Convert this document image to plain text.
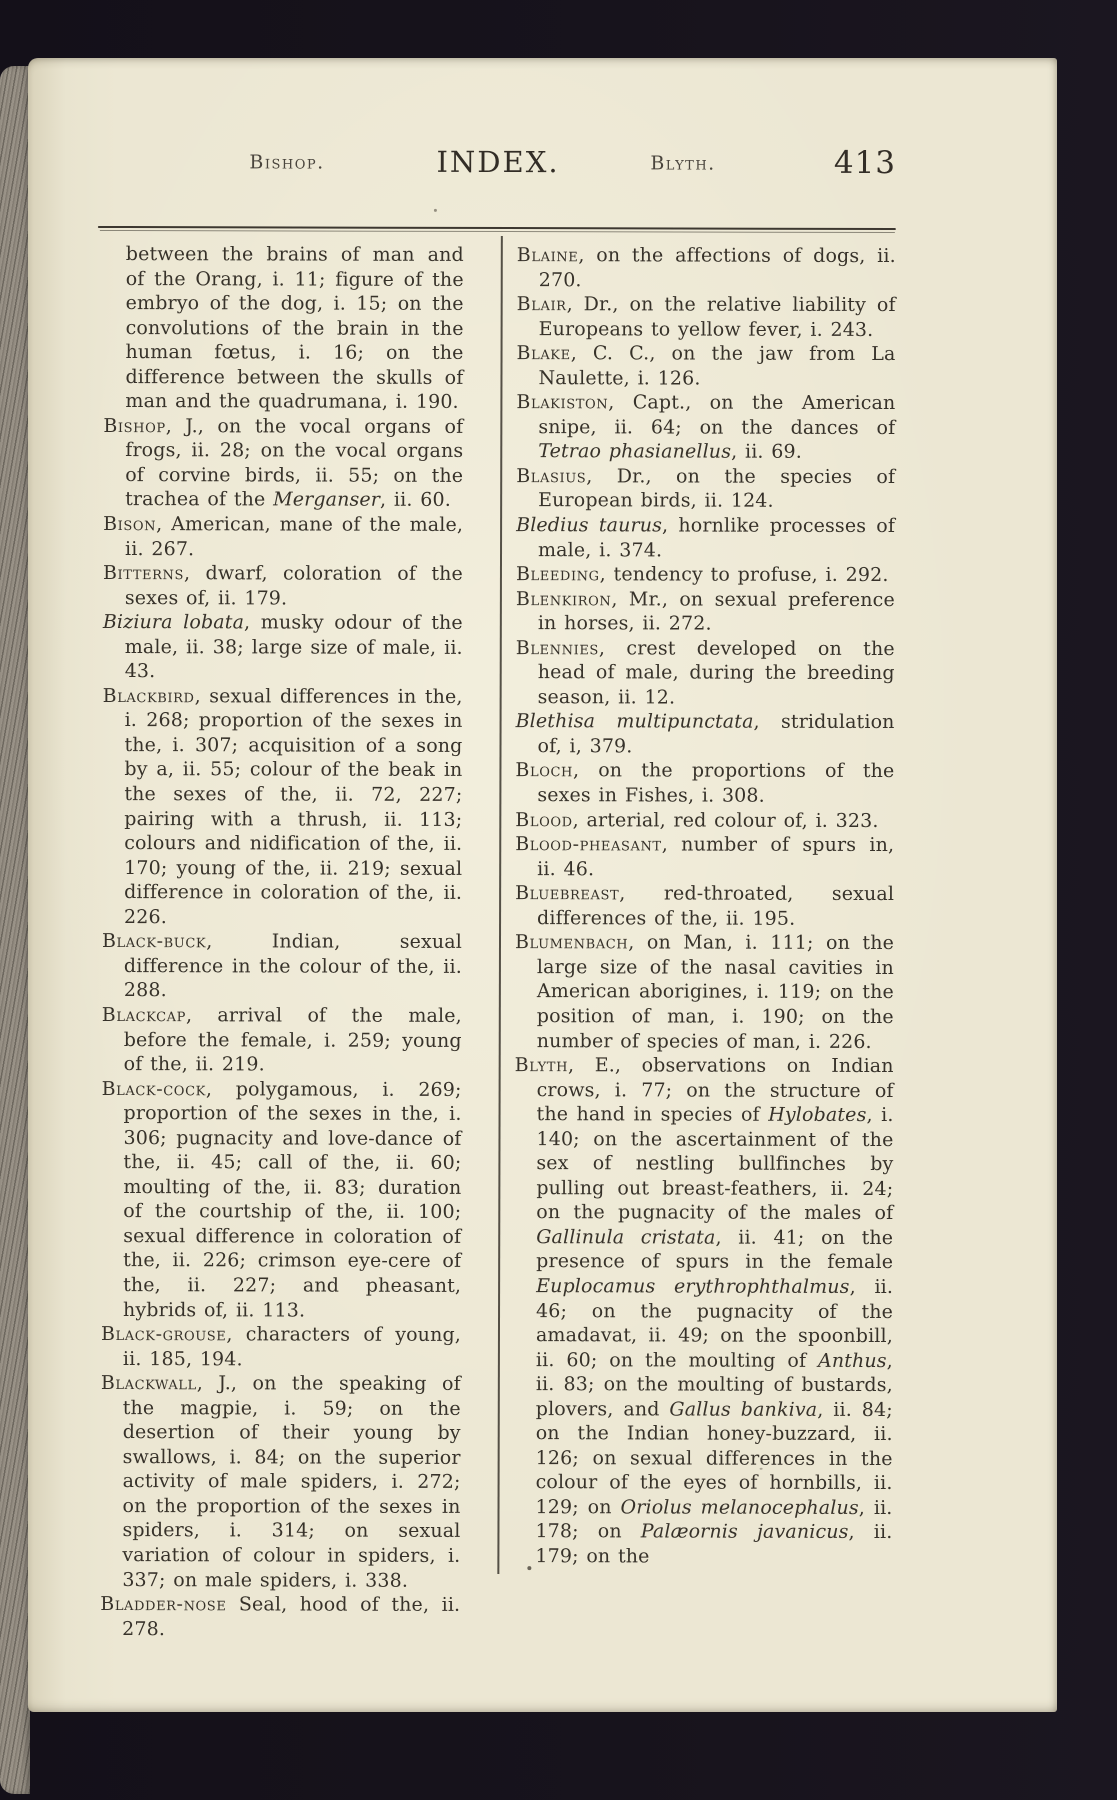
Bishop.	INDEX.	Blyth.	413

between the brains of man and of the Orang, i. 11; figure of the embryo of the dog, i. 15; on the convolutions of the brain in the human fœtus, i. 16; on the difference between the skulls of man and the quadrumana, i. 190.

Bishop, J., on the vocal organs of frogs, ii. 28; on the vocal organs of corvine birds, ii. 55; on the trachea of the Merganser, ii. 60.

Bison, American, mane of the male, ii. 267.

Bitterns, dwarf, coloration of the sexes of, ii. 179.

Biziura lobata, musky odour of the male, ii. 38; large size of male, ii. 43.

Blackbird, sexual differences in the, i. 268; proportion of the sexes in the, i. 307; acquisition of a song by a, ii. 55; colour of the beak in the sexes of the, ii. 72, 227; pairing with a thrush, ii. 113; colours and nidification of the, ii. 170; young of the, ii. 219; sexual difference in coloration of the, ii. 226.

Black-buck, Indian, sexual difference in the colour of the, ii. 288.

Blackcap, arrival of the male, before the female, i. 259; young of the, ii. 219.

Black-cock, polygamous, i. 269; proportion of the sexes in the, i. 306; pugnacity and love-dance of the, ii. 45; call of the, ii. 60; moulting of the, ii. 83; duration of the courtship of the, ii. 100; sexual difference in coloration of the, ii. 226; crimson eye-cere of the, ii. 227; and pheasant, hybrids of, ii. 113.

Black-grouse, characters of young, ii. 185, 194.

Blackwall, J., on the speaking of the magpie, i. 59; on the desertion of their young by swallows, i. 84; on the superior activity of male spiders, i. 272; on the proportion of the sexes in spiders, i. 314; on sexual variation of colour in spiders, i. 337; on male spiders, i. 338.

Bladder-nose Seal, hood of the, ii. 278.

Blaine, on the affections of dogs, ii. 270.

Blair, Dr., on the relative liability of Europeans to yellow fever, i. 243.

Blake, C. C., on the jaw from La Naulette, i. 126.

Blakiston, Capt., on the American snipe, ii. 64; on the dances of Tetrao phasianellus, ii. 69.

Blasius, Dr., on the species of European birds, ii. 124.

Bledius taurus, hornlike processes of male, i. 374.

Bleeding, tendency to profuse, i. 292.

Blenkiron, Mr., on sexual preference in horses, ii. 272.

Blennies, crest developed on the head of male, during the breeding season, ii. 12.

Blethisa multipunctata, stridulation of, i, 379.

Bloch, on the proportions of the sexes in Fishes, i. 308.

Blood, arterial, red colour of, i. 323.

Blood-pheasant, number of spurs in, ii. 46.

Bluebreast, red-throated, sexual differences of the, ii. 195.

Blumenbach, on Man, i. 111; on the large size of the nasal cavities in American aborigines, i. 119; on the position of man, i. 190; on the number of species of man, i. 226.

Blyth, E., observations on Indian crows, i. 77; on the structure of the hand in species of Hylobates, i. 140; on the ascertainment of the sex of nestling bullfinches by pulling out breast-feathers, ii. 24; on the pugnacity of the males of Gallinula cristata, ii. 41; on the presence of spurs in the female Euplocamus erythrophthalmus, ii. 46; on the pugnacity of the amadavat, ii. 49; on the spoonbill, ii. 60; on the moulting of Anthus, ii. 83; on the moulting of bustards, plovers, and Gallus bankiva, ii. 84; on the Indian honey-buzzard, ii. 126; on sexual differences in the colour of the eyes of hornbills, ii. 129; on Oriolus melanocephalus, ii. 178; on Palæornis javanicus, ii. 179; on the
